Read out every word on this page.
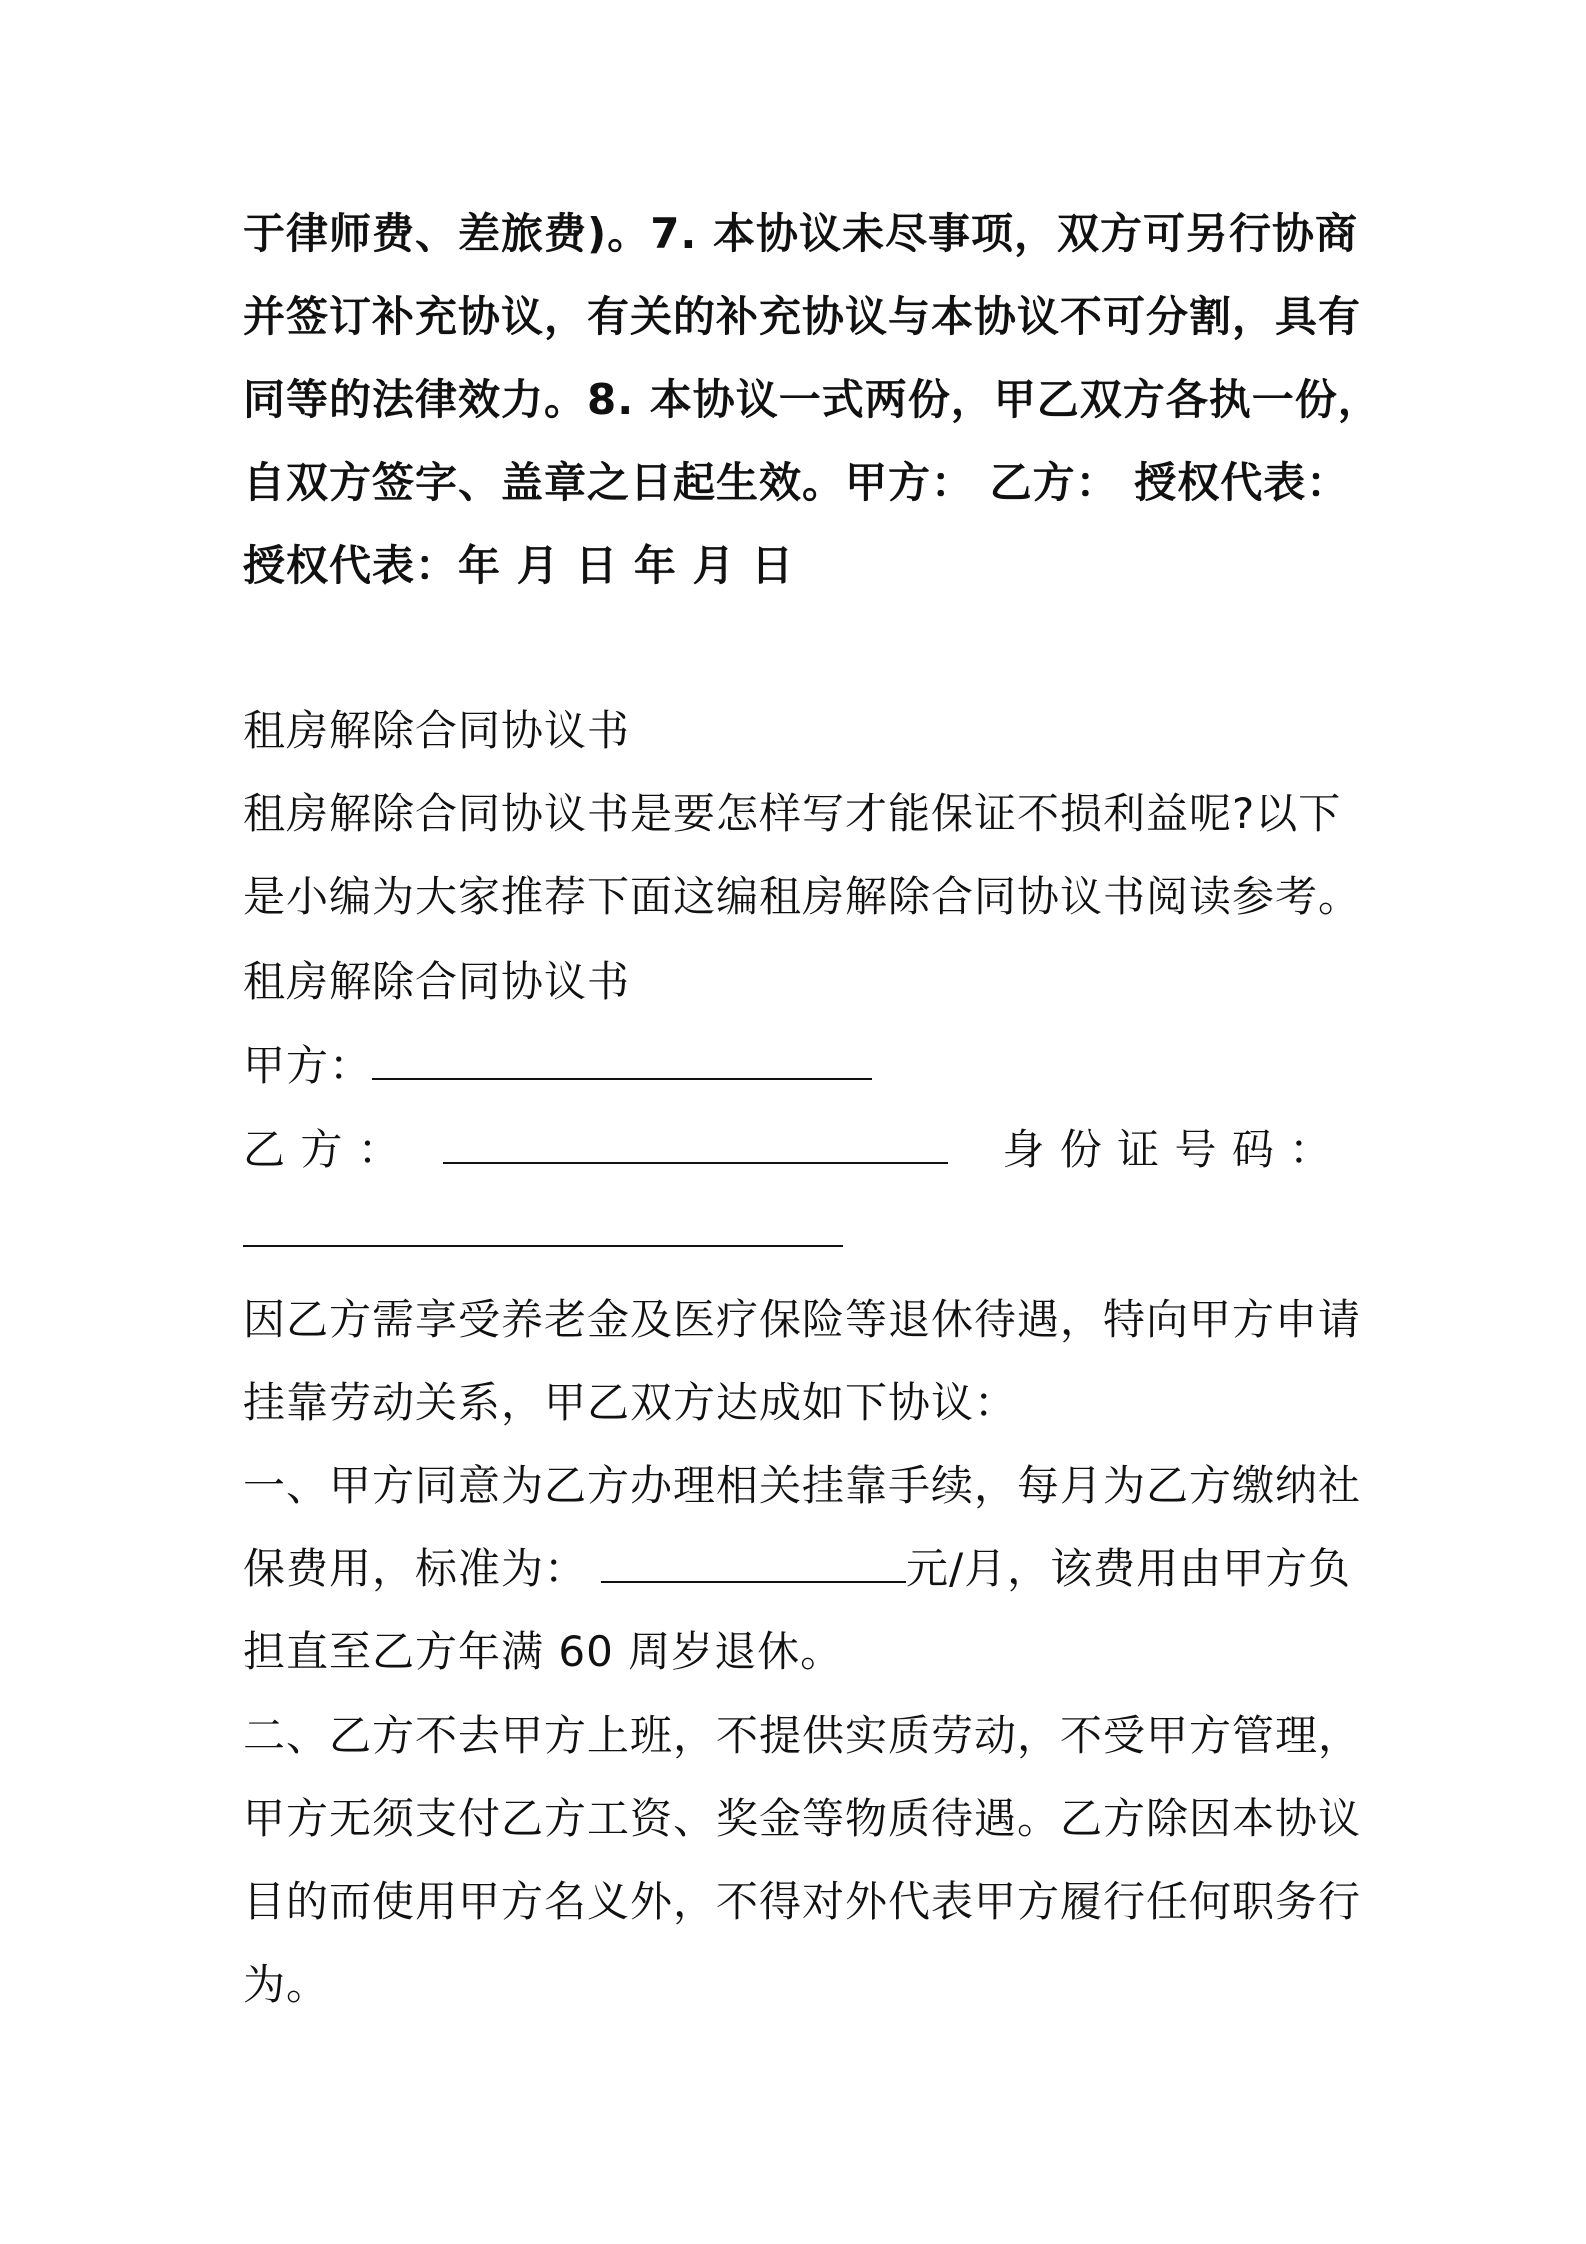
于律师费、差旅费)。7. 本协议未尽事项，双方可另行协商
并签订补充协议，有关的补充协议与本协议不可分割，具有
同等的法律效力。8. 本协议一式两份，甲乙双方各执一份，
自双方签字、盖章之日起生效。甲方： 乙方： 授权代表：
授权代表：年 月 日 年 月 日
租房解除合同协议书
租房解除合同协议书是要怎样写才能保证不损利益呢?以下
是小编为大家推荐下面这编租房解除合同协议书阅读参考。
租房解除合同协议书
甲方：
乙 方 ：	身 份 证 号 码 ：
因乙方需享受养老金及医疗保险等退休待遇，特向甲方申请
挂靠劳动关系，甲乙双方达成如下协议：
一、甲方同意为乙方办理相关挂靠手续，每月为乙方缴纳社
保费用，标准为：	元/月，该费用由甲方负
担直至乙方年满 60 周岁退休。
二、乙方不去甲方上班，不提供实质劳动，不受甲方管理，
甲方无须支付乙方工资、奖金等物质待遇。乙方除因本协议
目的而使用甲方名义外，不得对外代表甲方履行任何职务行
为。
